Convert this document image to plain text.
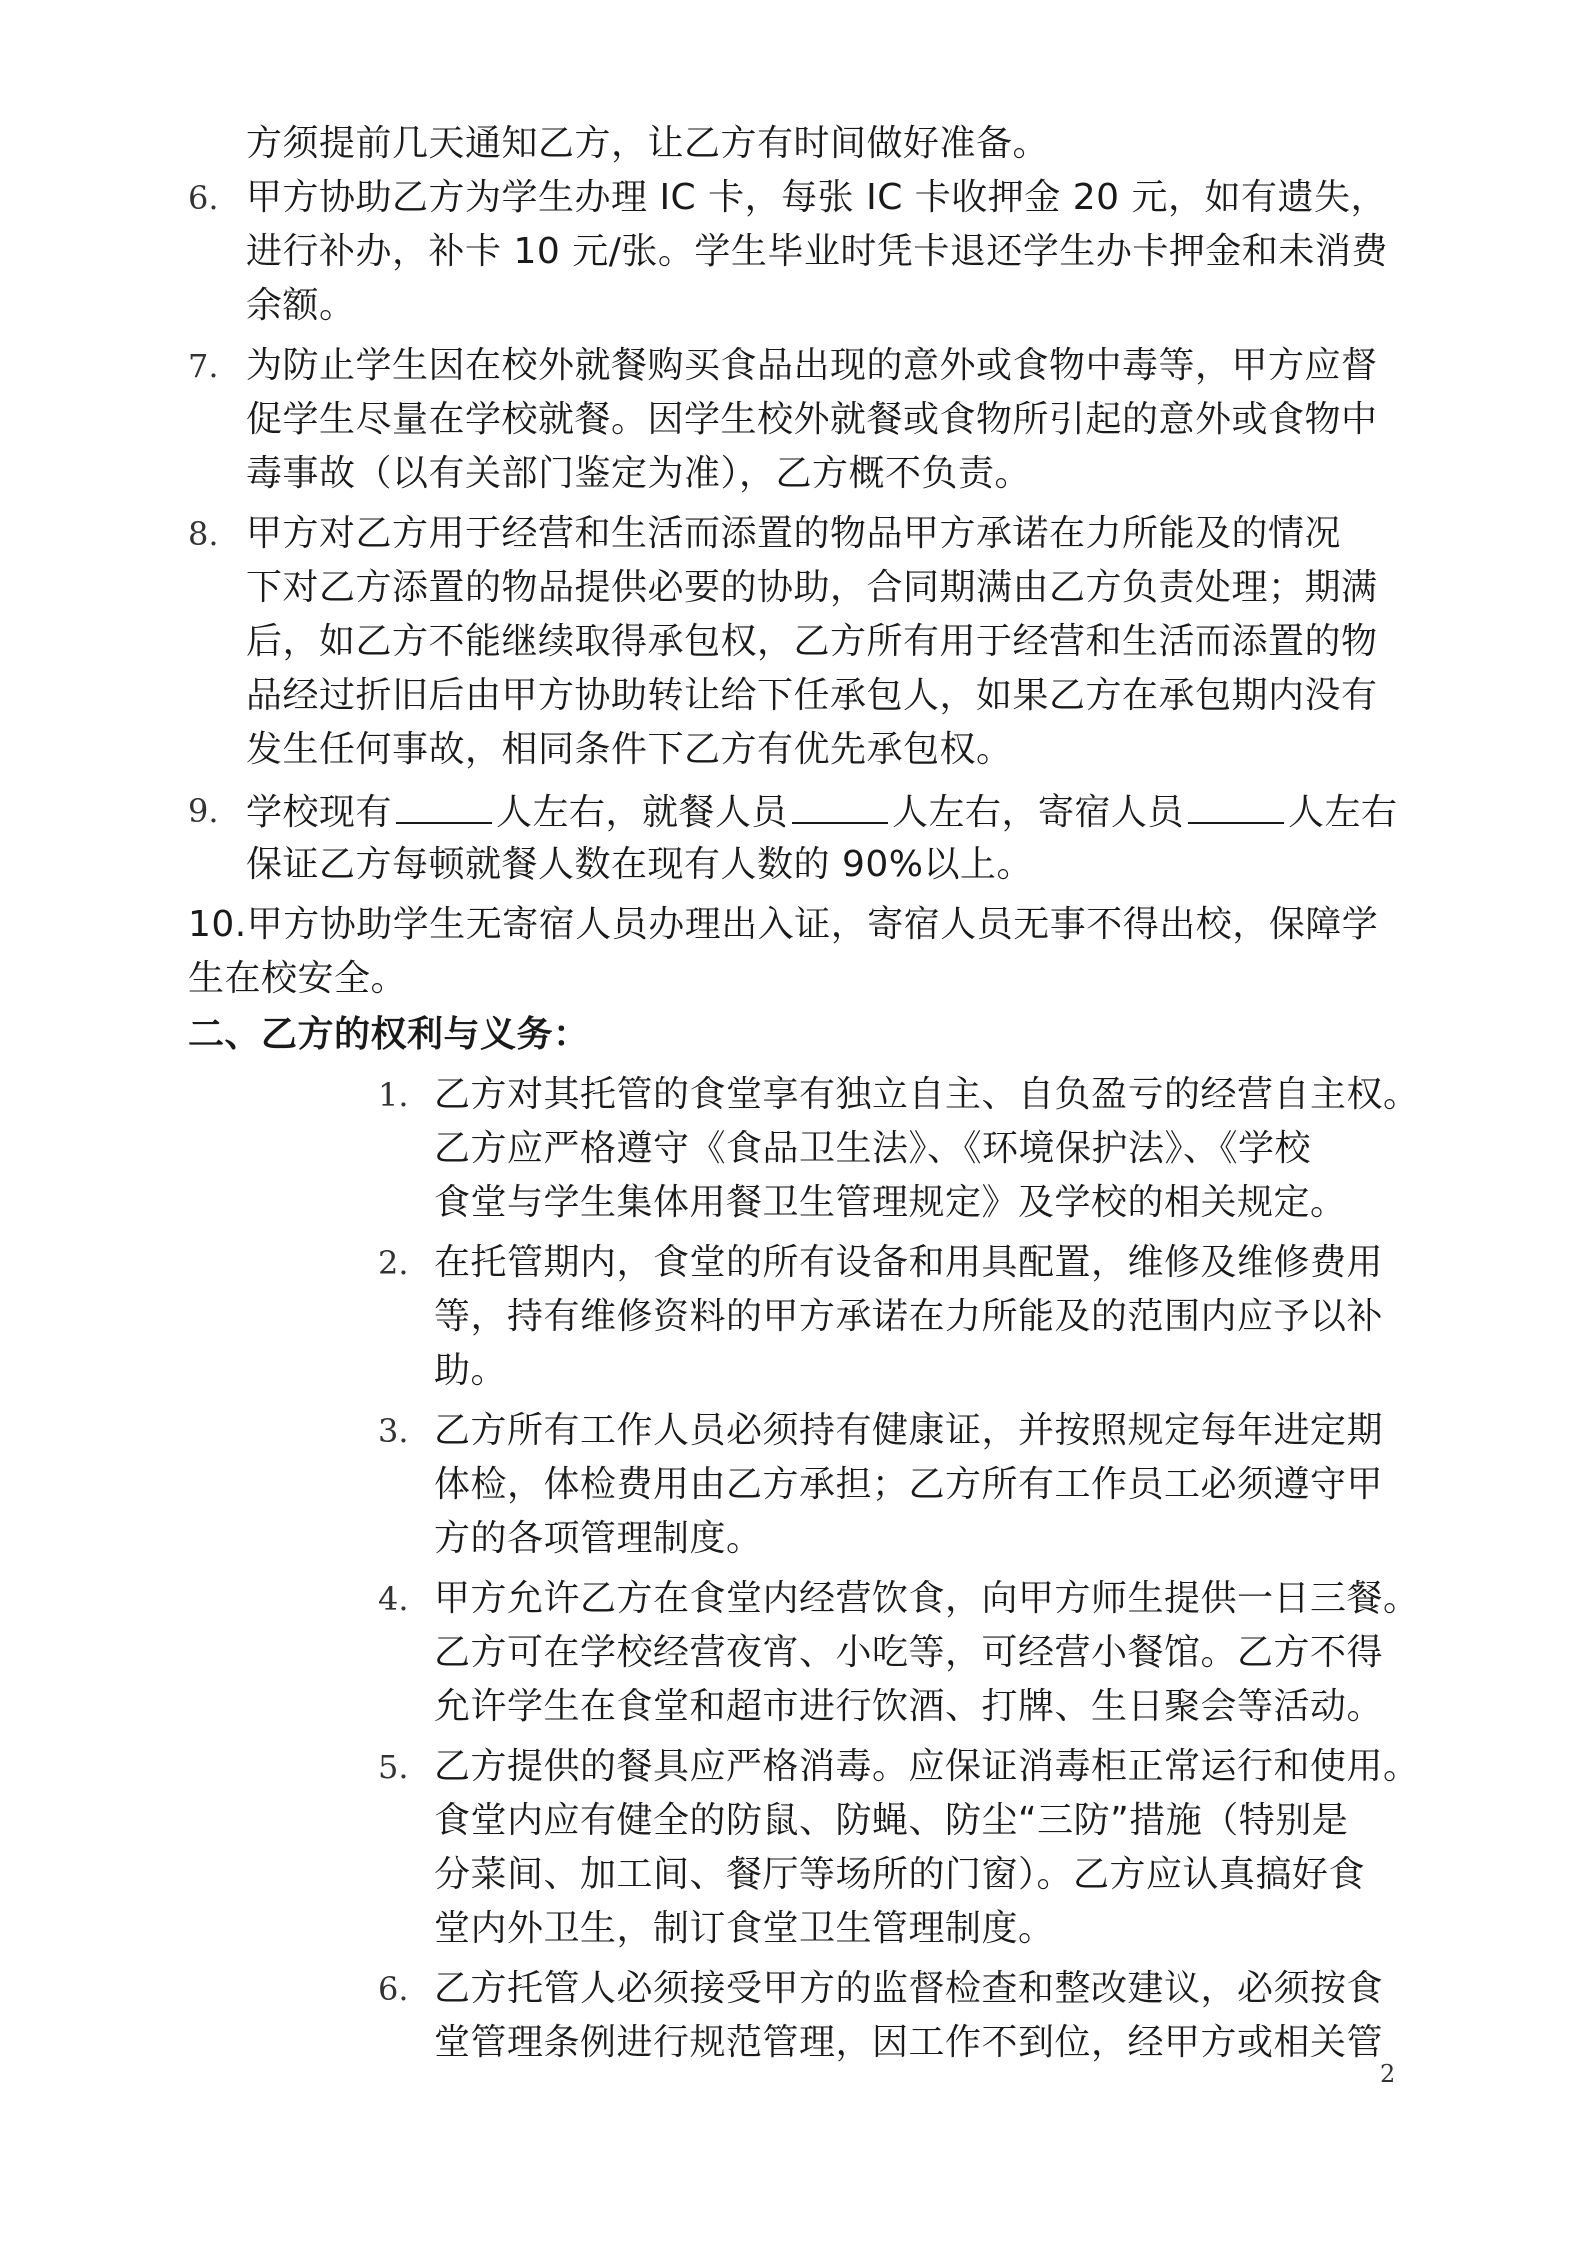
方须提前几天通知乙方，让乙方有时间做好准备。
6. 甲方协助乙方为学生办理 IC 卡，每张 IC 卡收押金 20 元，如有遗失，
进行补办，补卡 10 元/张。学生毕业时凭卡退还学生办卡押金和未消费
余额。
7. 为防止学生因在校外就餐购买食品出现的意外或食物中毒等，甲方应督
促学生尽量在学校就餐。因学生校外就餐或食物所引起的意外或食物中
毒事故（以有关部门鉴定为准），乙方概不负责。
8. 甲方对乙方用于经营和生活而添置的物品甲方承诺在力所能及的情况
下对乙方添置的物品提供必要的协助，合同期满由乙方负责处理；期满
后，如乙方不能继续取得承包权，乙方所有用于经营和生活而添置的物
品经过折旧后由甲方协助转让给下任承包人，如果乙方在承包期内没有
发生任何事故，相同条件下乙方有优先承包权。
9. 学校现有	人左右，就餐人员	人左右，寄宿人员	人左右
保证乙方每顿就餐人数在现有人数的 90%以上。
10.甲方协助学生无寄宿人员办理出入证，寄宿人员无事不得出校，保障学
生在校安全。
二、乙方的权利与义务：
1. 乙方对其托管的食堂享有独立自主、自负盈亏的经营自主权。
乙方应严格遵守《食品卫生法》、《环境保护法》、《学校
食堂与学生集体用餐卫生管理规定》及学校的相关规定。
2. 在托管期内，食堂的所有设备和用具配置，维修及维修费用
等，持有维修资料的甲方承诺在力所能及的范围内应予以补
助。
3. 乙方所有工作人员必须持有健康证，并按照规定每年进定期
体检，体检费用由乙方承担；乙方所有工作员工必须遵守甲
方的各项管理制度。
4. 甲方允许乙方在食堂内经营饮食，向甲方师生提供一日三餐。
乙方可在学校经营夜宵、小吃等，可经营小餐馆。乙方不得
允许学生在食堂和超市进行饮酒、打牌、生日聚会等活动。
5. 乙方提供的餐具应严格消毒。应保证消毒柜正常运行和使用。
食堂内应有健全的防鼠、防蝇、防尘“三防”措施（特别是
分菜间、加工间、餐厅等场所的门窗）。乙方应认真搞好食
堂内外卫生，制订食堂卫生管理制度。
6. 乙方托管人必须接受甲方的监督检查和整改建议，必须按食
堂管理条例进行规范管理，因工作不到位，经甲方或相关管
2
